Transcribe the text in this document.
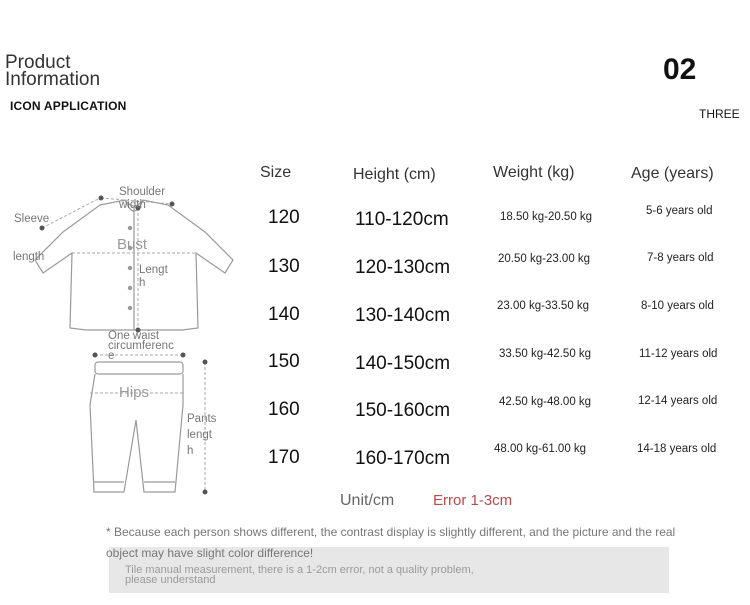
Product
Information
ICON APPLICATION
02
THREE
Shoulder
width
Sleeve
length
Bust
Lengt
h
One waist
circumferenc
e
Hips
Pants
lengt
h
Size	Height (cm)	Weight (kg)	Age (years)
120	110-120cm	18.50 kg-20.50 kg	5-6 years old
130	120-130cm	20.50 kg-23.00 kg	7-8 years old
140	130-140cm	23.00 kg-33.50 kg	8-10 years old
150	140-150cm	33.50 kg-42.50 kg	11-12 years old
160	150-160cm	42.50 kg-48.00 kg	12-14 years old
170	160-170cm	48.00 kg-61.00 kg	14-18 years old
Unit/cm	Error 1-3cm
* Because each person shows different, the contrast display is slightly different, and the picture and the real object may have slight color difference!
Tile manual measurement, there is a 1-2cm error, not a quality problem,
please understand
